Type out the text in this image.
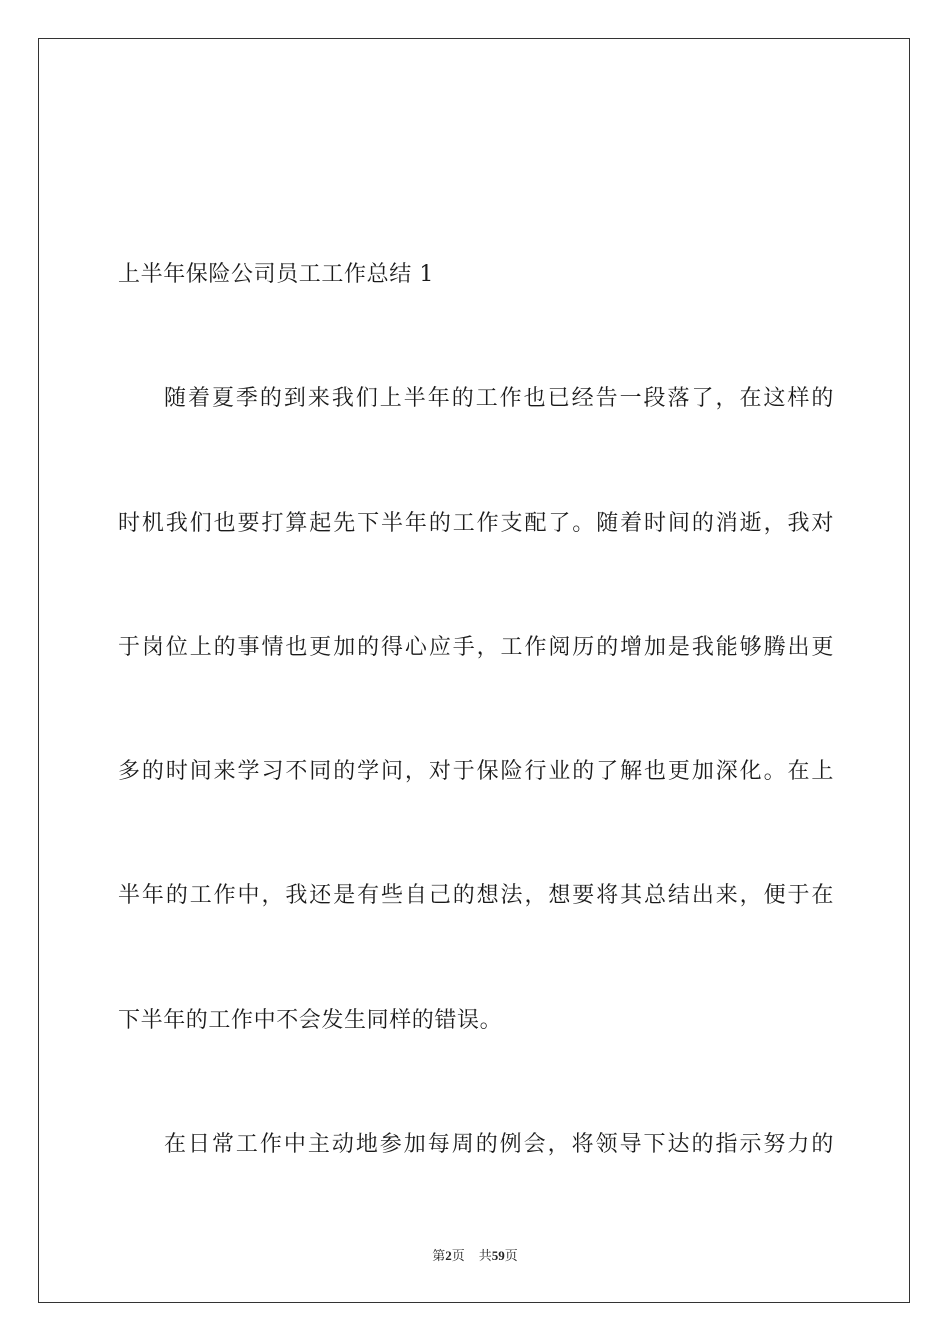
上半年保险公司员工工作总结 1
随着夏季的到来我们上半年的工作也已经告一段落了，在这样的
时机我们也要打算起先下半年的工作支配了。随着时间的消逝，我对
于岗位上的事情也更加的得心应手，工作阅历的增加是我能够腾出更
多的时间来学习不同的学问，对于保险行业的了解也更加深化。在上
半年的工作中，我还是有些自己的想法，想要将其总结出来，便于在
下半年的工作中不会发生同样的错误。
在日常工作中主动地参加每周的例会，将领导下达的指示努力的
第2页 共59页
